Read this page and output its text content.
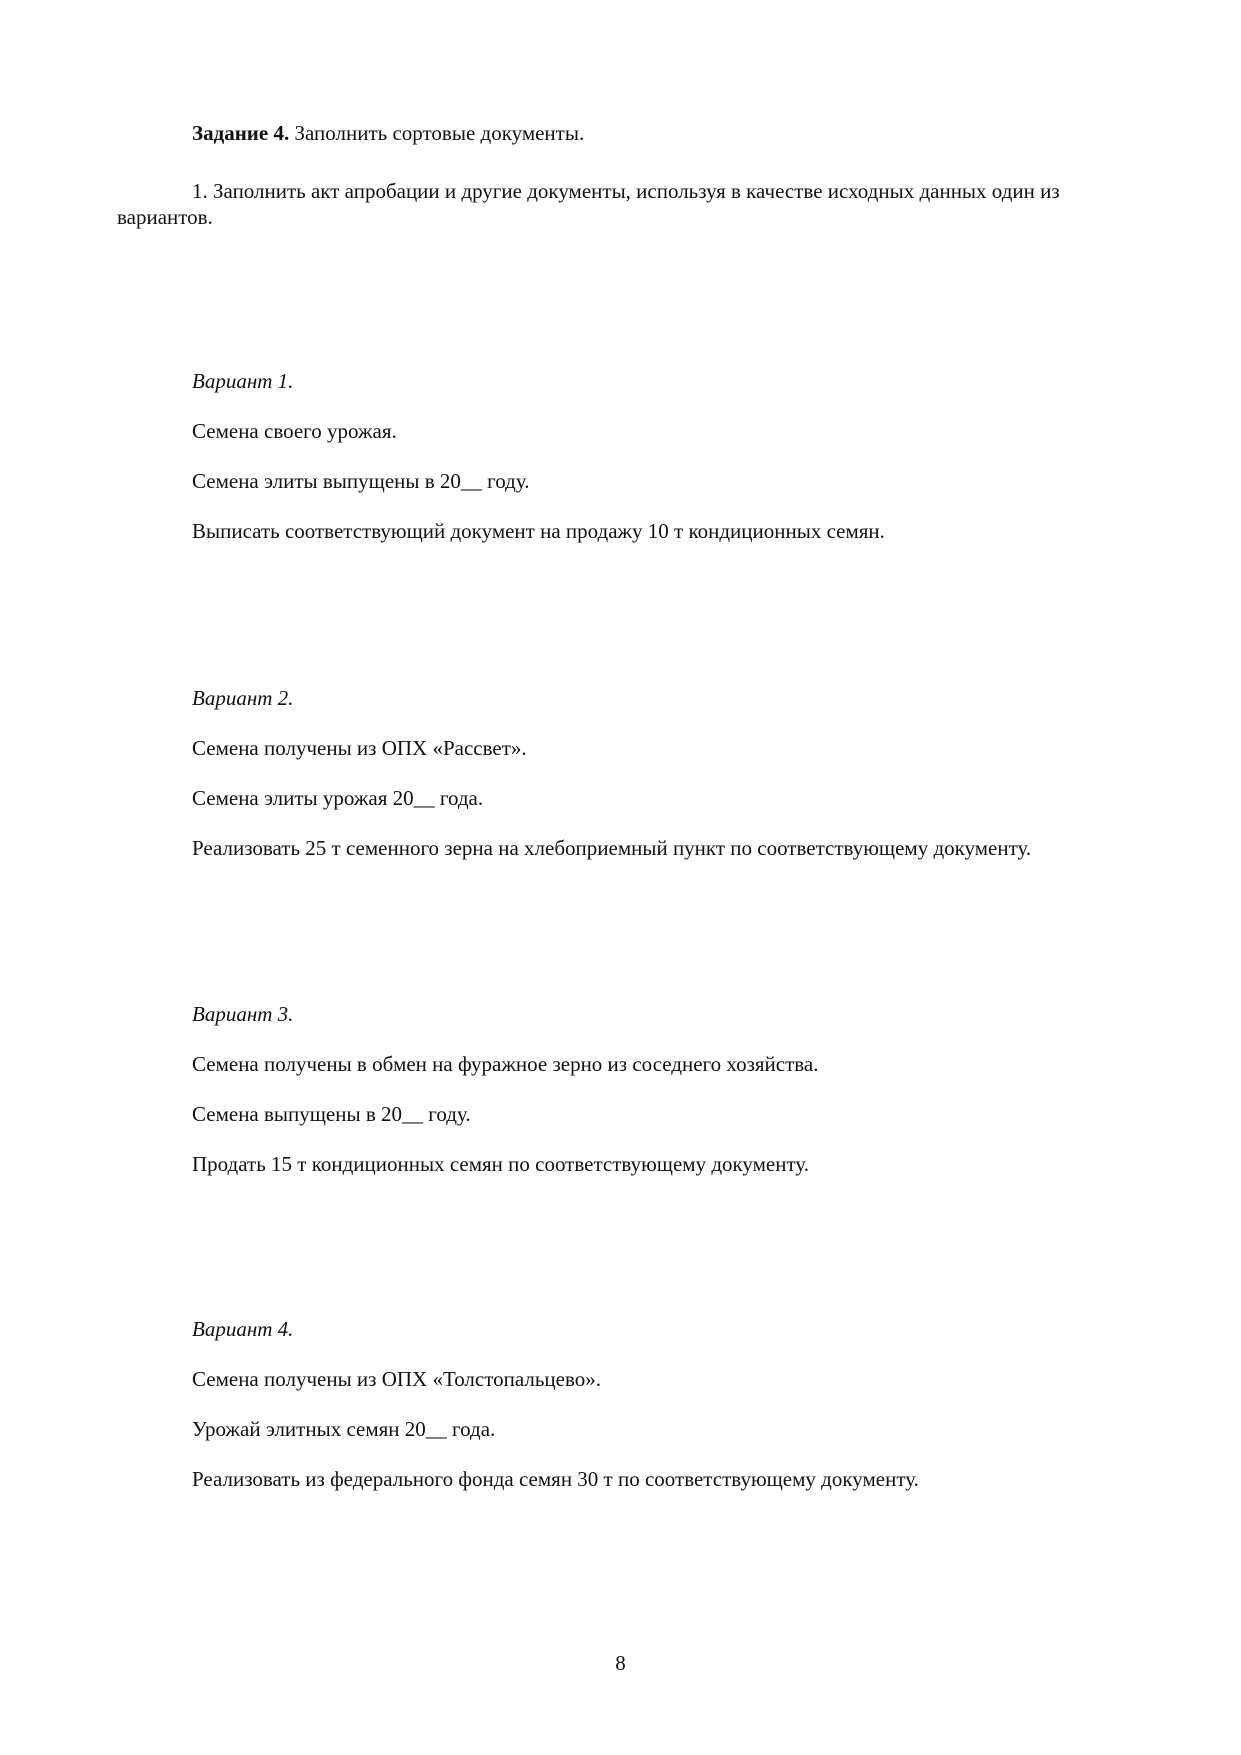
Задание 4. Заполнить сортовые документы.

1. Заполнить акт апробации и другие документы, используя в качестве исходных данных один из вариантов.

Вариант 1.

Семена своего урожая.

Семена элиты выпущены в 20__ году.

Выписать соответствующий документ на продажу 10 т кондиционных семян.

Вариант 2.

Семена получены из ОПХ «Рассвет».

Семена элиты урожая 20__ года.

Реализовать 25 т семенного зерна на хлебоприемный пункт по соответствующему документу.

Вариант 3.

Семена получены в обмен на фуражное зерно из соседнего хозяйства.

Семена выпущены в 20__ году.

Продать 15 т кондиционных семян по соответствующему документу.

Вариант 4.

Семена получены из ОПХ «Толстопальцево».

Урожай элитных семян 20__ года.

Реализовать из федерального фонда семян 30 т по соответствующему документу.

8
